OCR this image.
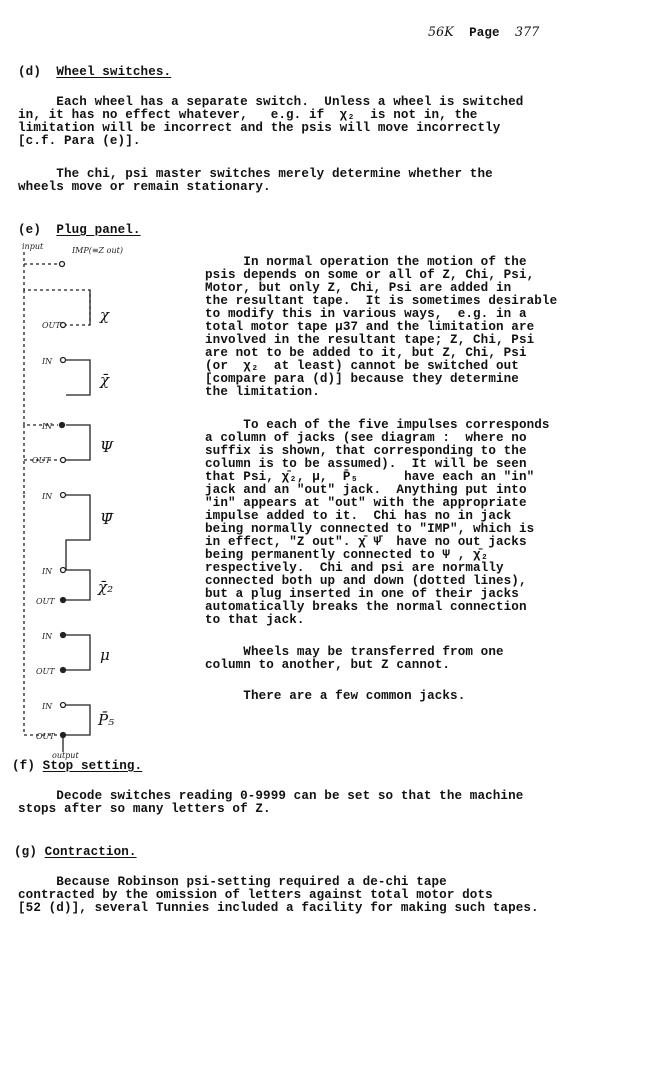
56K Page 377
(d) Wheel switches.
Each wheel has a separate switch.  Unless a wheel is switched
in, it has no effect whatever,   e.g. if  χ₂  is not in, the
limitation will be incorrect and the psis will move incorrectly
[c.f. Para (e)].
The chi, psi master switches merely determine whether the
wheels move or remain stationary.
(e) Plug panel.
input	IMP(≡Z out)
OUT
IN
IN
OUT
IN
IN
OUT
IN
OUT
IN
OUT
output
χ
χ̄
Ψ
Ψ̄
χ̄₂
μ
P̄₅
In normal operation the motion of the
psis depends on some or all of Z, Chi, Psi,
Motor, but only Z, Chi, Psi are added in
the resultant tape.  It is sometimes desirable
to modify this in various ways,  e.g. in a
total motor tape μ37 and the limitation are
involved in the resultant tape; Z, Chi, Psi
are not to be added to it, but Z, Chi, Psi
(or  χ₂  at least) cannot be switched out
[compare para (d)] because they determine
the limitation.
To each of the five impulses corresponds
a column of jacks (see diagram :  where no
suffix is shown, that corresponding to the
column is to be assumed).  It will be seen
that Psi, χ̄₂, μ,  P̄₅      have each an "in"
jack and an "out" jack.  Anything put into
"in" appears at "out" with the appropriate
impulse added to it.  Chi has no in jack
being normally connected to "IMP", which is
in effect, "Z out". χ̄ Ψ̄  have no out jacks
being permanently connected to Ψ , χ̄₂
respectively.  Chi and psi are normally
connected both up and down (dotted lines),
but a plug inserted in one of their jacks
automatically breaks the normal connection
to that jack.
Wheels may be transferred from one
column to another, but Z cannot.
There are a few common jacks.
(f) Stop setting.
Decode switches reading 0-9999 can be set so that the machine
stops after so many letters of Z.
(g) Contraction.
Because Robinson psi-setting required a de-chi tape
contracted by the omission of letters against total motor dots
[52 (d)], several Tunnies included a facility for making such tapes.
